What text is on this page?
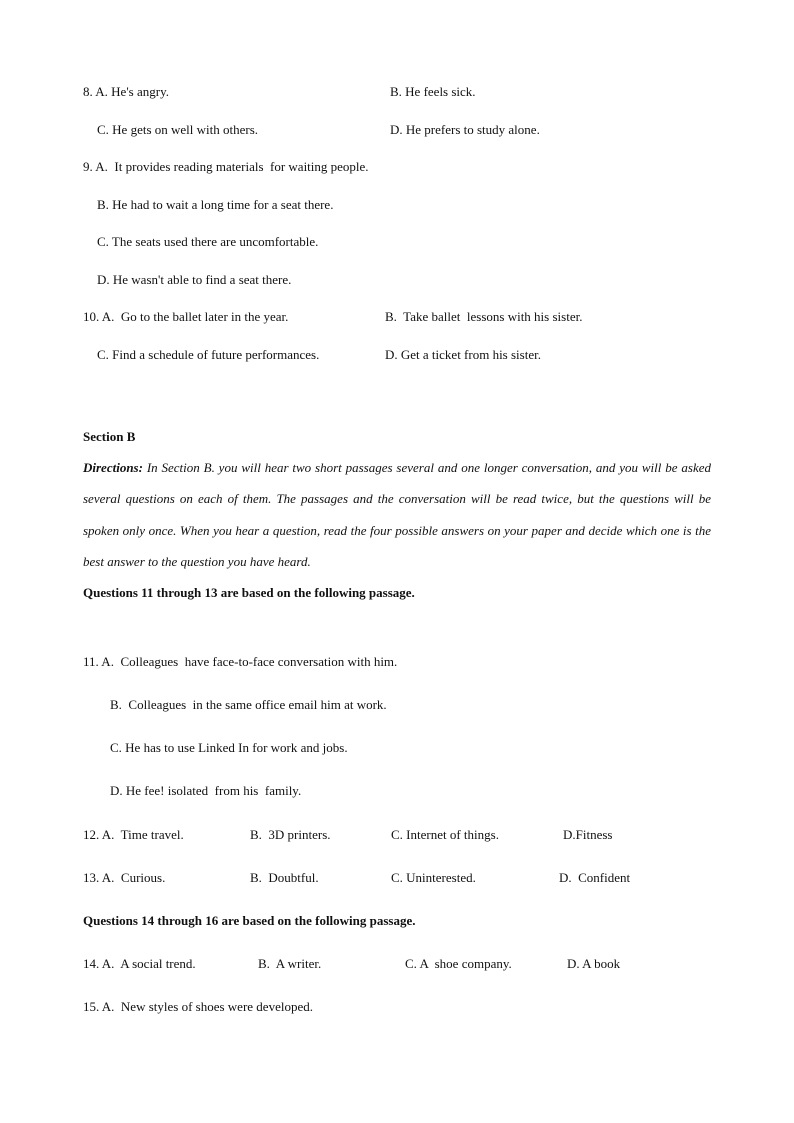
8. A. He's angry.	B. He feels sick.
C. He gets on well with others.	D. He prefers to study alone.
9. A.  It provides reading materials  for waiting people.
B. He had to wait a long time for a seat there.
C. The seats used there are uncomfortable.
D. He wasn't able to find a seat there.
10. A.  Go to the ballet later in the year.	B.  Take ballet  lessons with his sister.
C. Find a schedule of future performances.	D. Get a ticket from his sister.
Section B
Directions: In Section B. you will hear two short passages several and one longer conversation, and you will be asked several questions on each of them. The passages and the conversation will be read twice, but the questions will be spoken only once. When you hear a question, read the four possible answers on your paper and decide which one is the best answer to the question you have heard.
Questions 11 through 13 are based on the following passage.
11. A.  Colleagues  have face-to-face conversation with him.
B.  Colleagues  in the same office email him at work.
C. He has to use Linked In for work and jobs.
D. He fee! isolated  from his  family.
12. A.  Time travel.	B.  3D printers.	C. Internet of things.	D.Fitness
13. A.  Curious.	B.  Doubtful.	C. Uninterested.	D.  Confident
Questions 14 through 16 are based on the following passage.
14. A.  A social trend.	B.  A writer.	C. A  shoe company.	D. A book
15. A.  New styles of shoes were developed.
